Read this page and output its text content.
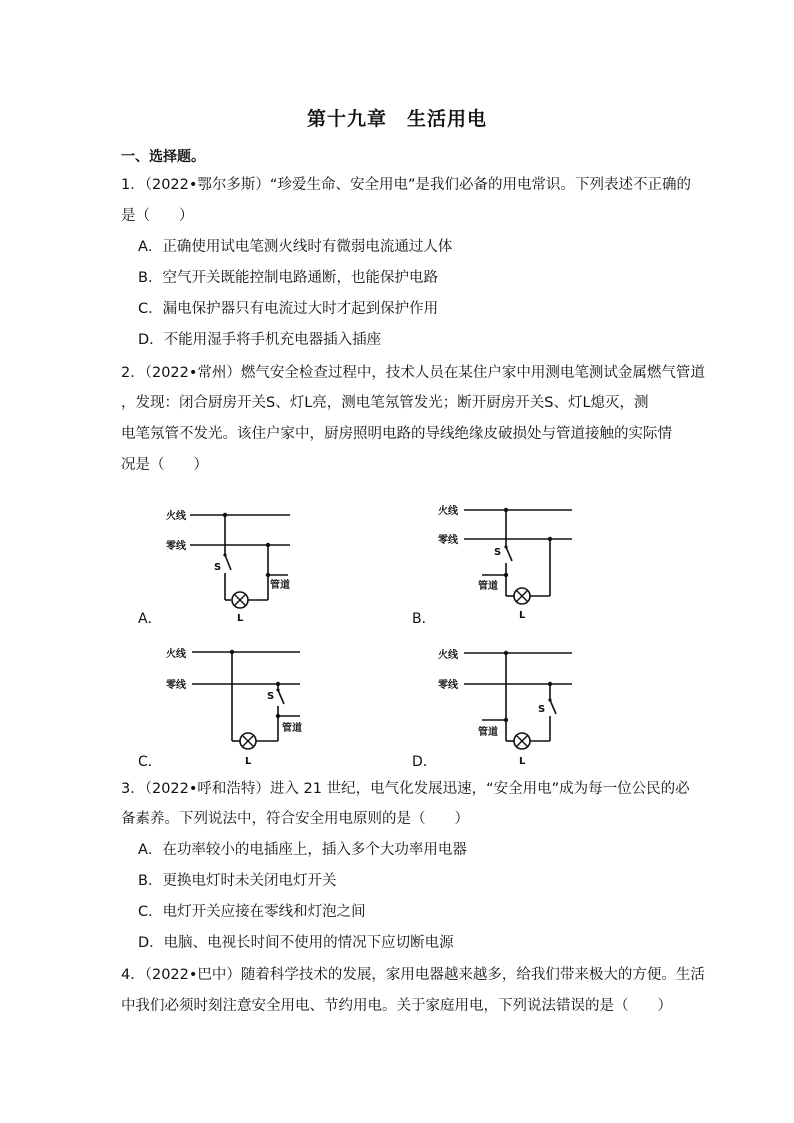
第十九章　生活用电
一、选择题。
1．（2022•鄂尔多斯）“珍爱生命、安全用电”是我们必备的用电常识。下列表述不正确的
是（　　）
A．正确使用试电笔测火线时有微弱电流通过人体
B．空气开关既能控制电路通断，也能保护电路
C．漏电保护器只有电流过大时才起到保护作用
D．不能用湿手将手机充电器插入插座
2．（2022•常州）燃气安全检查过程中，技术人员在某住户家中用测电笔测试金属燃气管道
，发现：闭合厨房开关S、灯L亮，测电笔氖管发光；断开厨房开关S、灯L熄灭，测
电笔氖管不发光。该住户家中，厨房照明电路的导线绝缘皮破损处与管道接触的实际情
况是（　　）
火线
零线
S
L
管道
A．
火线
零线
S
管道
L
B．
火线
零线
L
S
管道
C．
火线
零线
管道
L
S
D．
3．（2022•呼和浩特）进入 21 世纪，电气化发展迅速，“安全用电”成为每一位公民的必
备素养。下列说法中，符合安全用电原则的是（　　）
A．在功率较小的电插座上，插入多个大功率用电器
B．更换电灯时未关闭电灯开关
C．电灯开关应接在零线和灯泡之间
D．电脑、电视长时间不使用的情况下应切断电源
4．（2022•巴中）随着科学技术的发展，家用电器越来越多，给我们带来极大的方便。生活
中我们必须时刻注意安全用电、节约用电。关于家庭用电，下列说法错误的是（　　）
